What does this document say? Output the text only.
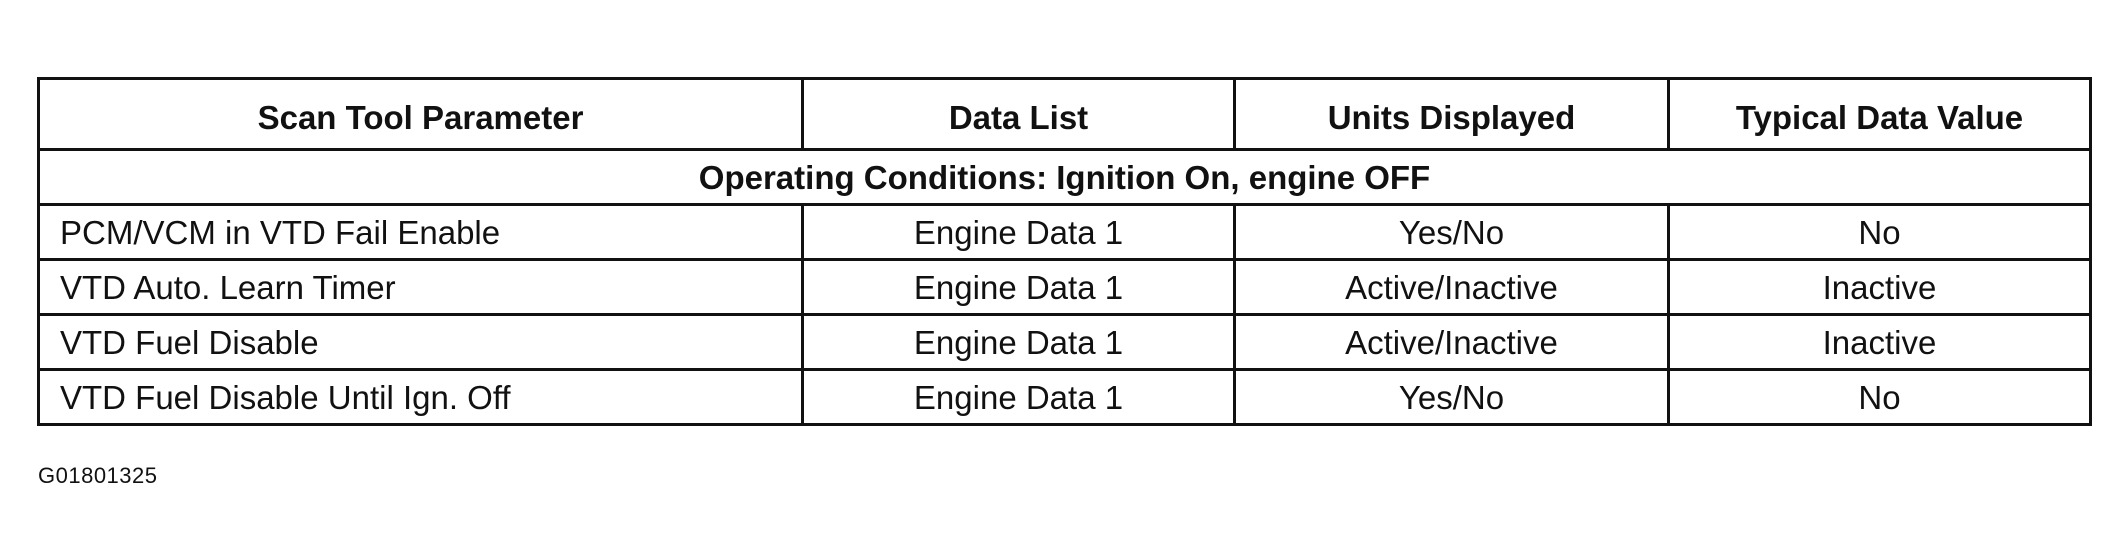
Scan Tool Parameter	Data List	Units Displayed	Typical Data Value
Operating Conditions: Ignition On, engine OFF			
PCM/VCM in VTD Fail Enable	Engine Data 1	Yes/No	No
VTD Auto. Learn Timer	Engine Data 1	Active/Inactive	Inactive
VTD Fuel Disable	Engine Data 1	Active/Inactive	Inactive
VTD Fuel Disable Until Ign. Off	Engine Data 1	Yes/No	No
G01801325
